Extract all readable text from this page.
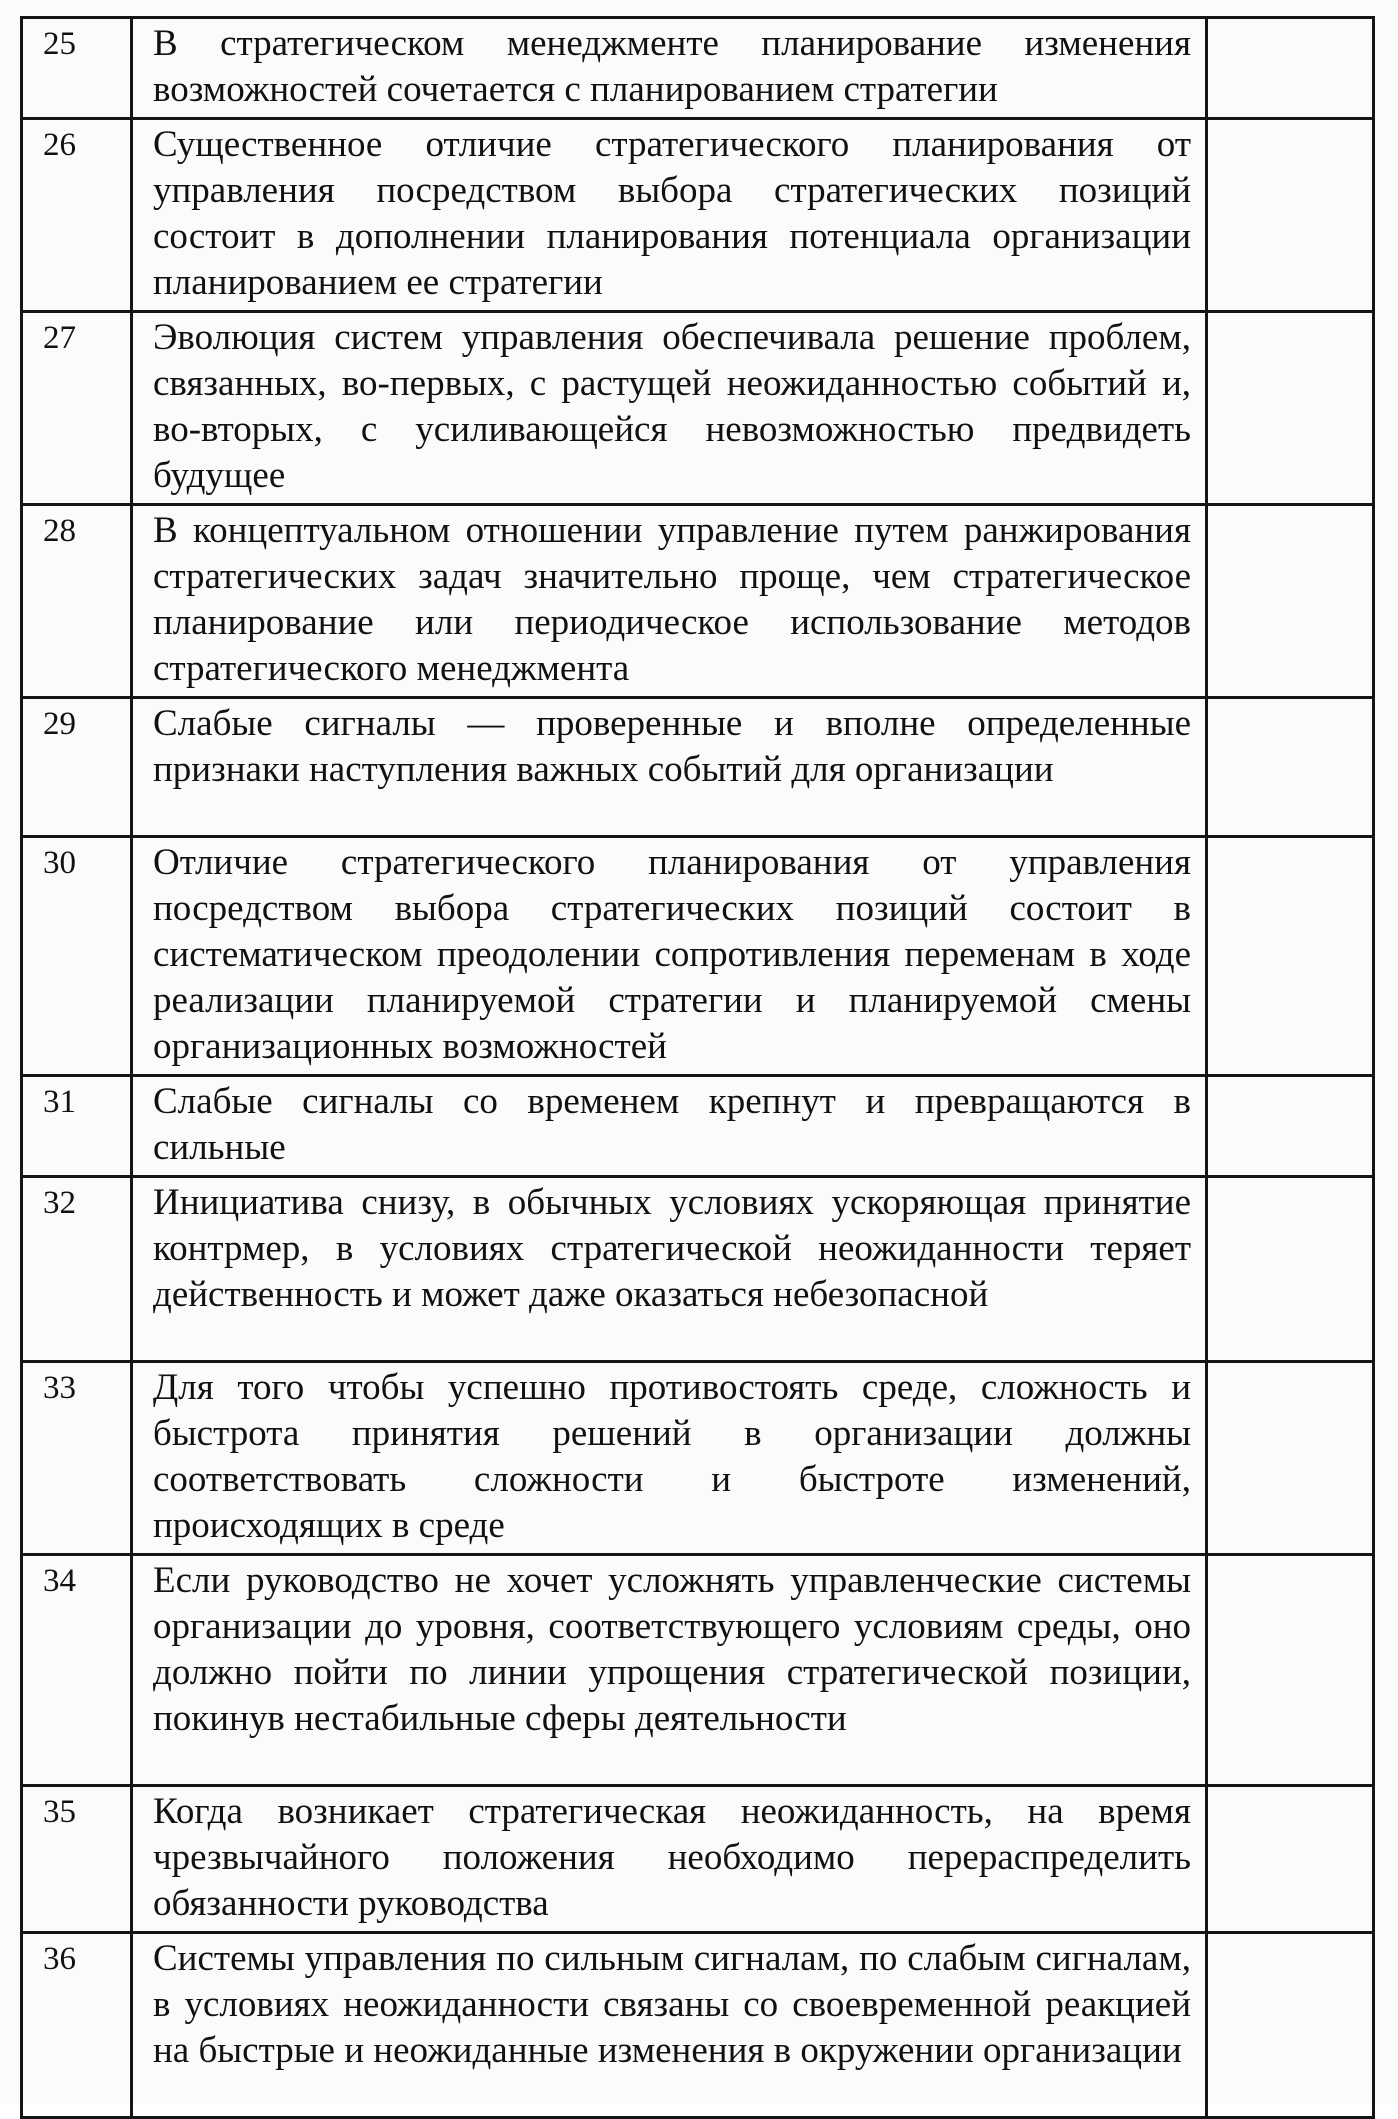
25	В стратегическом менеджменте планирование изменения возможностей сочетается с планированием стратегии	
26	Существенное отличие стратегического планирования от управления посредством выбора стратегических позиций состоит в дополнении планирования потенциала организации планированием ее стратегии	
27	Эволюция систем управления обеспечивала решение проблем, связанных, во-первых, с растущей неожиданностью событий и, во-вторых, с усиливающейся невозможностью предвидеть будущее	
28	В концептуальном отношении управление путем ранжирования стратегических задач значительно проще, чем стратегическое планирование или периодическое использование методов стратегического менеджмента	
29	Слабые сигналы — проверенные и вполне определенные признаки наступления важных событий для организации	
30	Отличие стратегического планирования от управления посредством выбора стратегических позиций состоит в систематическом преодолении сопротивления переменам в ходе реализации планируемой стратегии и планируемой смены организационных возможностей	
31	Слабые сигналы со временем крепнут и превращаются в сильные	
32	Инициатива снизу, в обычных условиях ускоряющая принятие контрмер, в условиях стратегической неожиданности теряет действенность и может даже оказаться небезопасной	
33	Для того чтобы успешно противостоять среде, сложность и быстрота принятия решений в организации должны соответствовать сложности и быстроте изменений, происходящих в среде	
34	Если руководство не хочет усложнять управленческие системы организации до уровня, соответствующего условиям среды, оно должно пойти по линии упрощения стратегической позиции, покинув нестабильные сферы деятельности	
35	Когда возникает стратегическая неожиданность, на время чрезвычайного положения необходимо перераспределить обязанности руководства	
36	Системы управления по сильным сигналам, по слабым сигналам, в условиях неожиданности связаны со своевременной реакцией на быстрые и неожиданные изменения в окружении организации	
